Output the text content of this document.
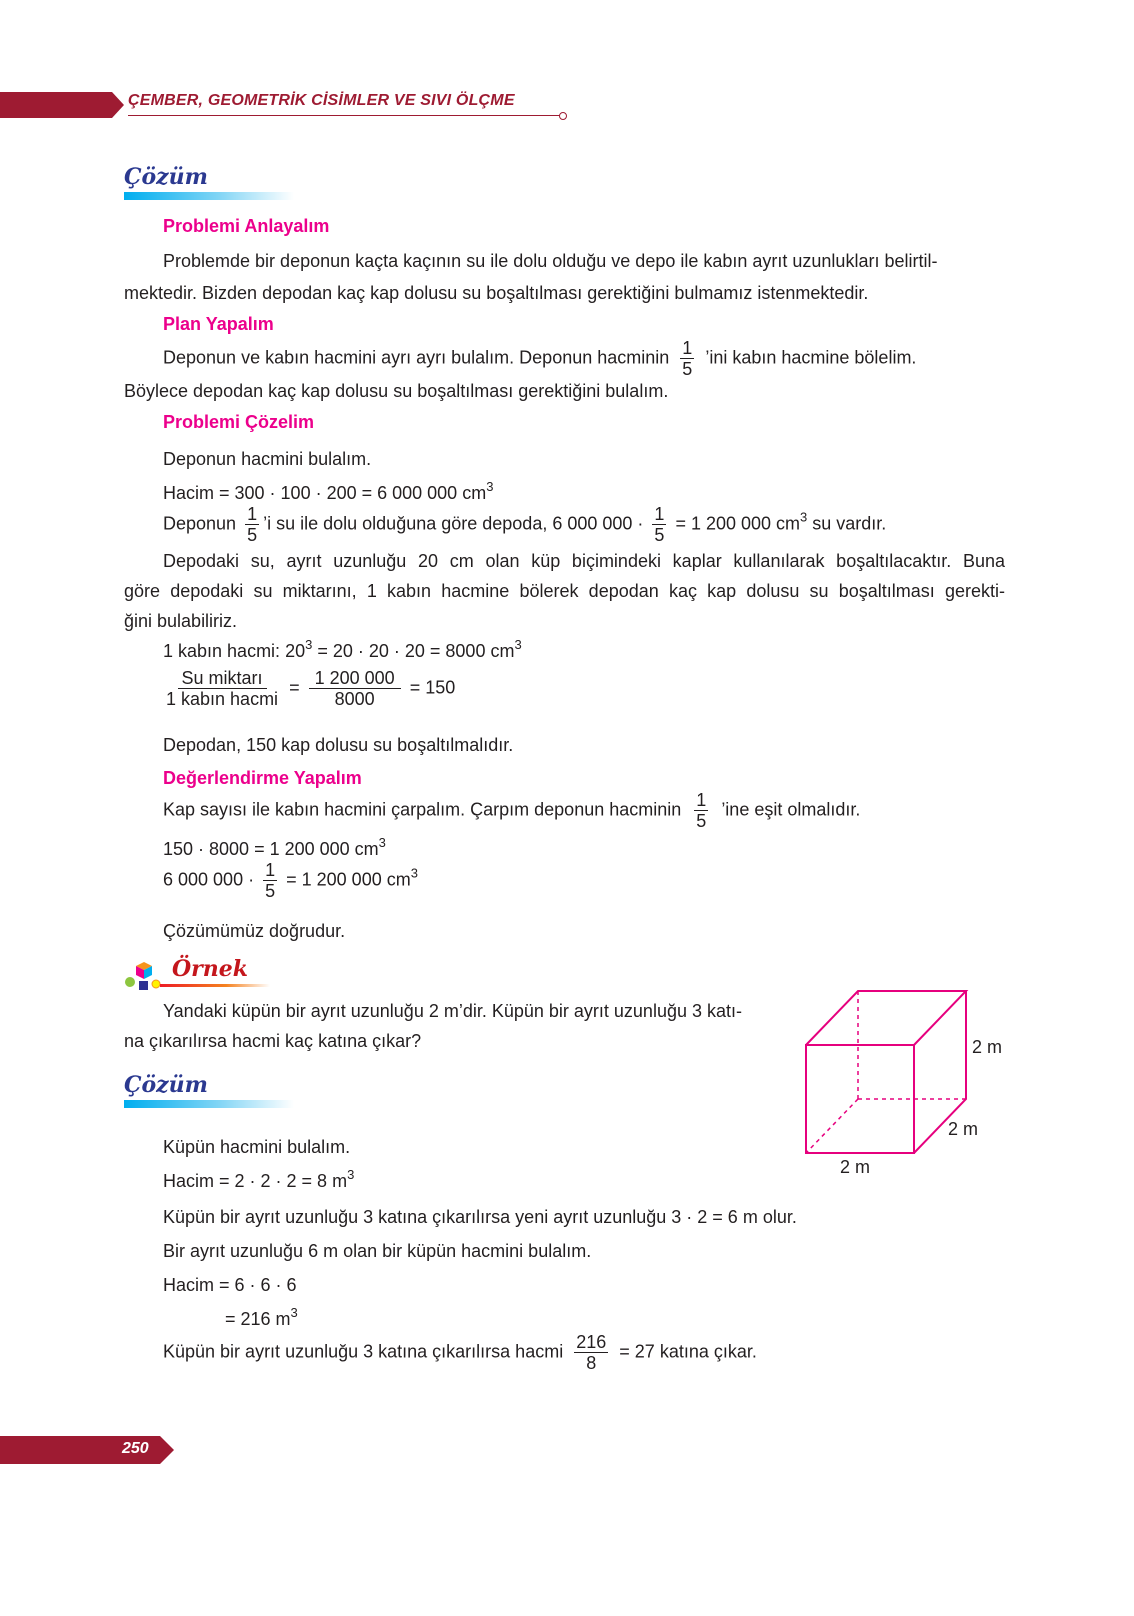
ÇEMBER, GEOMETRİK CİSİMLER VE SIVI ÖLÇME
Çözüm
Problemi Anlayalım
Problemde bir deponun kaçta kaçının su ile dolu olduğu ve depo ile kabın ayrıt uzunlukları belirtil-
mektedir. Bizden depodan kaç kap dolusu su boşaltılması gerektiğini bulmamız istenmektedir.
Plan Yapalım
Deponun ve kabın hacmini ayrı ayrı bulalım. Deponun hacminin $\frac{1}{5}$ ’ini kabın hacmine bölelim.
Böylece depodan kaç kap dolusu su boşaltılması gerektiğini bulalım.
Problemi Çözelim
Deponun hacmini bulalım.
Hacim = 300 · 100 · 200 = 6 000 000 $cm^3$
Deponun $\frac{1}{5}$ ’i su ile dolu olduğuna göre depoda, 6 000 $000 \cdot \frac{1}{5} = 1$ 200 000 $cm^3$ su vardır.
Depodaki su, ayrıt uzunluğu 20 cm olan küp biçimindeki kaplar kullanılarak boşaltılacaktır. Buna
göre depodaki su miktarını, 1 kabın hacmine bölerek depodan kaç kap dolusu su boşaltılması gerekti-
ğini bulabiliriz.
1 kabın hacmi: $20^3 = 20 \cdot 20 \cdot 20 = 8000$ $cm^3$
$\frac{\text{Su miktarı}}{\text{1 kabın hacmi}} = \frac{1 200 000}{8000} = 150$
Depodan, 150 kap dolusu su boşaltılmalıdır.
Değerlendirme Yapalım
Kap sayısı ile kabın hacmini çarpalım. Çarpım deponun hacminin $\frac{1}{5}$ ’ine eşit olmalıdır.
150 · 8000 = 1 200 000 $cm^3$
6 000 $000 \cdot \frac{1}{5} = 1$ 200 000 $cm^3$
Çözümümüz doğrudur.
Örnek
Yandaki küpün bir ayrıt uzunluğu 2 m’dir. Küpün bir ayrıt uzunluğu 3 katı-
na çıkarılırsa hacmi kaç katına çıkar?	2 m
2 m
2 m
Çözüm
Küpün hacmini bulalım.
Hacim = 2 · 2 · 2 = 8 $m^3$
Küpün bir ayrıt uzunluğu 3 katına çıkarılırsa yeni ayrıt uzunluğu 3 · 2 = 6 m olur.
Bir ayrıt uzunluğu 6 m olan bir küpün hacmini bulalım.
Hacim = 6 · 6 · 6
= 216 $m^3$
Küpün bir ayrıt uzunluğu 3 katına çıkarılırsa hacmi $\frac{216}{8} = 27$ katına çıkar.
250
